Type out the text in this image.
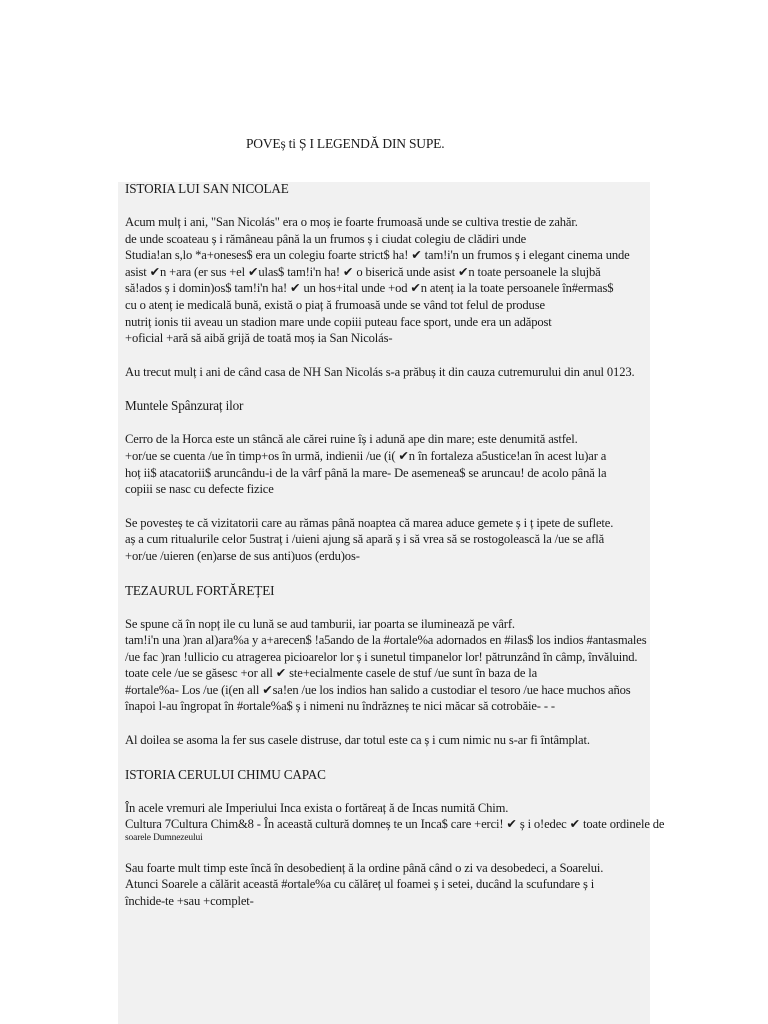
POVEș ti Ș I LEGENDĂ DIN SUPE.
ISTORIA LUI SAN NICOLAE

Acum mulț i ani, "San Nicolás" era o moș ie foarte frumoasă unde se cultiva trestie de zahăr.

de unde scoateau ș i rămâneau până la un frumos ș i ciudat colegiu de clădiri unde

Studia!an s,lo *a+oneses$ era un colegiu foarte strict$ ha! ✔ tam!i'n un frumos ș i elegant cinema unde

asist ✔n +ara (er sus +el ✔ulas$ tam!i'n ha! ✔ o biserică unde asist ✔n toate persoanele la slujbă

să!ados ș i domin)os$ tam!i'n ha! ✔ un hos+ital unde +od ✔n atenț ia la toate persoanele în#ermas$

cu o atenț ie medicală bună, există o piaț ă frumoasă unde se vând tot felul de produse

nutriț ionis tii aveau un stadion mare unde copiii puteau face sport, unde era un adăpost

+oficial +ară să aibă grijă de toată moș ia San Nicolás-

Au trecut mulț i ani de când casa de NH San Nicolás s-a prăbuș it din cauza cutremurului din anul 0123.

Muntele Spânzuraț ilor

Cerro de la Horca este un stâncă ale cărei ruine îș i adună ape din mare; este denumită astfel.

+or/ue se cuenta /ue în timp+os în urmă, indienii /ue (i( ✔n în fortaleza a5ustice!an în acest lu)ar a

hoț ii$ atacatorii$ aruncându-i de la vârf până la mare- De asemenea$ se aruncau! de acolo până la

copiii se nasc cu defecte fizice

Se povesteș te că vizitatorii care au rămas până noaptea că marea aduce gemete ș i ț ipete de suflete.

aș a cum ritualurile celor 5ustraț i /uieni ajung să apară ș i să vrea să se rostogolească la /ue se află

+or/ue /uieren (en)arse de sus anti)uos (erdu)os-

TEZAURUL FORTĂREȚEI

Se spune că în nopț ile cu lună se aud tamburii, iar poarta se iluminează pe vârf.

tam!i'n una )ran al)ara%a y a+arecen$ !a5ando de la #ortale%a adornados en #ilas$ los indios #antasmales

/ue fac )ran !ullicio cu atragerea picioarelor lor ș i sunetul timpanelor lor! pătrunzând în câmp, învăluind.

toate cele /ue se găsesc +or all ✔ ste+ecialmente casele de stuf /ue sunt în baza de la

#ortale%a- Los /ue (i(en all ✔sa!en /ue los indios han salido a custodiar el tesoro /ue hace muchos años

înapoi l-au îngropat în #ortale%a$ ș i nimeni nu îndrăzneș te nici măcar să cotrobăie- - -

Al doilea se asoma la fer sus casele distruse, dar totul este ca ș i cum nimic nu s-ar fi întâmplat.

ISTORIA CERULUI CHIMU CAPAC

În acele vremuri ale Imperiului Inca exista o fortăreaț ă de Incas numită Chim.

Cultura 7Cultura Chim&8 - În această cultură domneș te un Inca$ care +erci! ✔ ș i o!edec ✔ toate ordinele de

soarele Dumnezeului

Sau foarte mult timp este încă în desobedienț ă la ordine până când o zi va desobedeci, a Soarelui.

Atunci Soarele a călărit această #ortale%a cu călăreț ul foamei ș i setei, ducând la scufundare ș i

închide-te +sau +complet-
